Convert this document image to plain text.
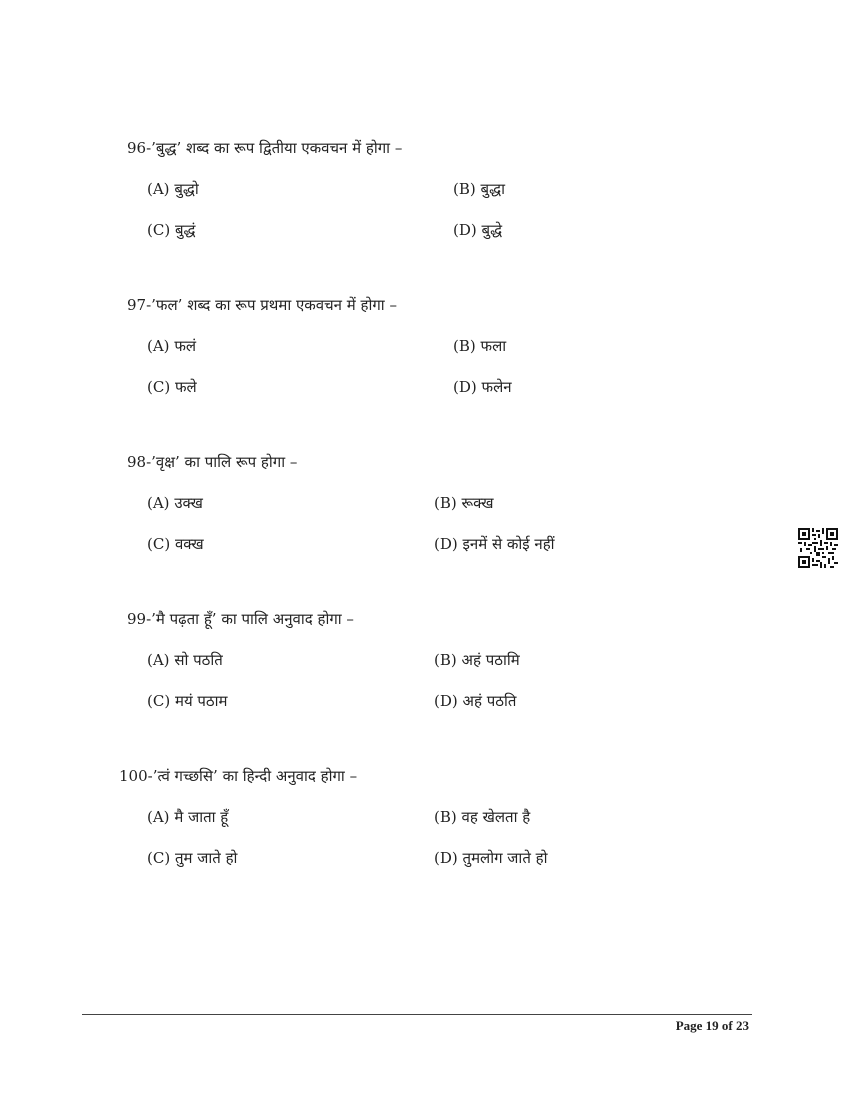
96-’बुद्ध’ शब्द का रूप द्वितीया एकवचन में होगा –
(A) बुद्धो	(B) बुद्धा
(C) बुद्धं	(D) बुद्धे
97-’फल’ शब्द का रूप प्रथमा एकवचन में होगा –
(A) फलं	(B) फला
(C) फले	(D) फलेन
98-’वृक्ष’ का पालि रूप होगा –
(A) उक्ख	(B) रूक्ख
(C) वक्ख	(D) इनमें से कोई नहीं
99-’मै पढ़ता हूँ’ का पालि अनुवाद होगा –
(A) सो पठति	(B) अहं पठामि
(C) मयं पठाम	(D) अहं पठति
100-’त्वं गच्छसि’ का हिन्दी अनुवाद होगा –
(A) मै जाता हूँ	(B) वह खेलता है
(C) तुम जाते हो	(D) तुमलोग जाते हो
Page 19 of 23
